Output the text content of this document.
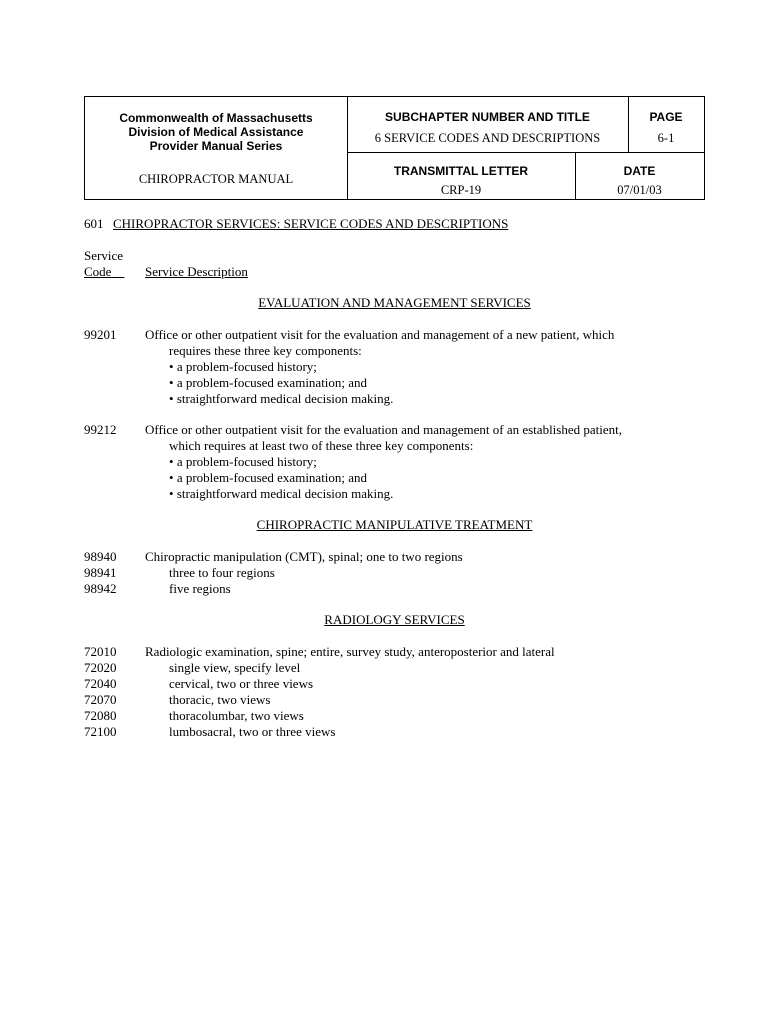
Commonwealth of Massachusetts
Division of Medical Assistance
Provider Manual Series
CHIROPRACTOR MANUAL
SUBCHAPTER NUMBER AND TITLE
6 SERVICE CODES AND DESCRIPTIONS
PAGE
6-1
TRANSMITTAL LETTER
CRP-19
DATE
07/01/03
601 CHIROPRACTOR SERVICES: SERVICE CODES AND DESCRIPTIONS
Service
Code	Service Description
EVALUATION AND MANAGEMENT SERVICES
99201 Office or other outpatient visit for the evaluation and management of a new patient, which
requires these three key components:
• a problem-focused history;
• a problem-focused examination; and
• straightforward medical decision making.
99212 Office or other outpatient visit for the evaluation and management of an established patient,
which requires at least two of these three key components:
• a problem-focused history;
• a problem-focused examination; and
• straightforward medical decision making.
CHIROPRACTIC MANIPULATIVE TREATMENT
98940 Chiropractic manipulation (CMT), spinal; one to two regions
98941	three to four regions
98942	five regions
RADIOLOGY SERVICES
72010 Radiologic examination, spine; entire, survey study, anteroposterior and lateral
72020	single view, specify level
72040	cervical, two or three views
72070	thoracic, two views
72080	thoracolumbar, two views
72100	lumbosacral, two or three views
